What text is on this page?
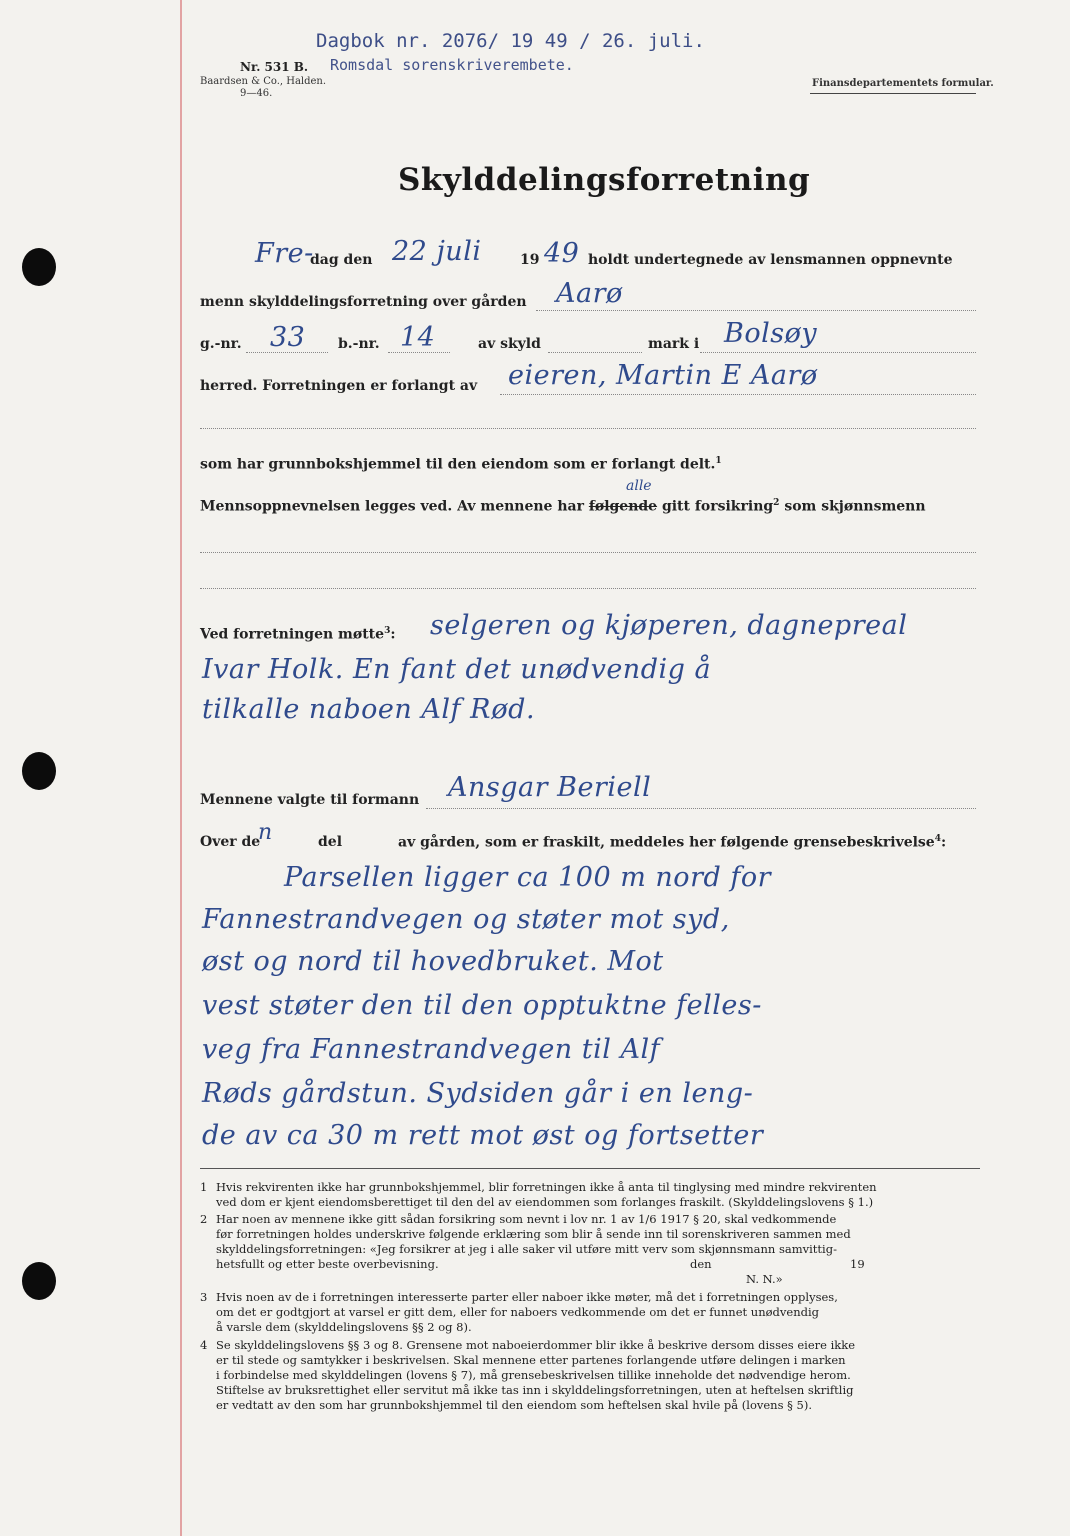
Dagbok nr. 2076/ 19 49 / 26. juli.
Romsdal sorenskriverembete.
Nr. 531 B.
Baardsen & Co., Halden.
9—46.
Finansdepartementets formular.
Skylddelingsforretning
Fre-
dag den 22 juli	19 49 holdt undertegnede av lensmannen oppnevnte
menn skylddelingsforretning over gården Aarø
g.-nr. 33 b.-nr. 14	av skyld	mark i Bolsøy
herred. Forretningen er forlangt av eieren, Martin E Aarø
som har grunnbokshjemmel til den eiendom som er forlangt delt.$^1$
Mennsoppnevnelsen legges ved. Av mennene har følgende gitt forsikring$^2$ som skjønnsmenn
alle
Ved forretningen møtte$^3$: selgeren og kjøperen, dagnepreal
Ivar Holk. En fant det unødvendig å
tilkalle naboen Alf Rød.
Mennene valgte til formann Ansgar Beriell
Over de
n	del	av gården, som er fraskilt, meddeles her følgende grensebeskrivelse$^4$:
Parsellen ligger ca 100 m nord for
Fannestrandvegen og støter mot syd,
øst og nord til hovedbruket. Mot
vest støter den til den opptuktne felles-
veg fra Fannestrandvegen til Alf
Røds gårdstun. Sydsiden går i en leng-
de av ca 30 m rett mot øst og fortsetter
1 Hvis rekvirenten ikke har grunnbokshjemmel, blir forretningen ikke å anta til tinglysing med mindre rekvirenten
ved dom er kjent eiendomsberettiget til den del av eiendommen som forlanges fraskilt. (Skylddelingslovens § 1.)
2 Har noen av mennene ikke gitt sådan forsikring som nevnt i lov nr. 1 av 1/6 1917 § 20, skal vedkommende
før forretningen holdes underskrive følgende erklæring som blir å sende inn til sorenskriveren sammen med
skylddelingsforretningen: «Jeg forsikrer at jeg i alle saker vil utføre mitt verv som skjønnsmann samvittig-
hetsfullt og etter beste overbevisning.	den	19
N. N.»
3 Hvis noen av de i forretningen interesserte parter eller naboer ikke møter, må det i forretningen opplyses,
om det er godtgjort at varsel er gitt dem, eller for naboers vedkommende om det er funnet unødvendig
å varsle dem (skylddelingslovens §§ 2 og 8).
4 Se skylddelingslovens §§ 3 og 8. Grensene mot naboeierdommer blir ikke å beskrive dersom disses eiere ikke
er til stede og samtykker i beskrivelsen. Skal mennene etter partenes forlangende utføre delingen i marken
i forbindelse med skylddelingen (lovens § 7), må grensebeskrivelsen tillike inneholde det nødvendige herom.
Stiftelse av bruksrettighet eller servitut må ikke tas inn i skylddelingsforretningen, uten at heftelsen skriftlig
er vedtatt av den som har grunnbokshjemmel til den eiendom som heftelsen skal hvile på (lovens § 5).
